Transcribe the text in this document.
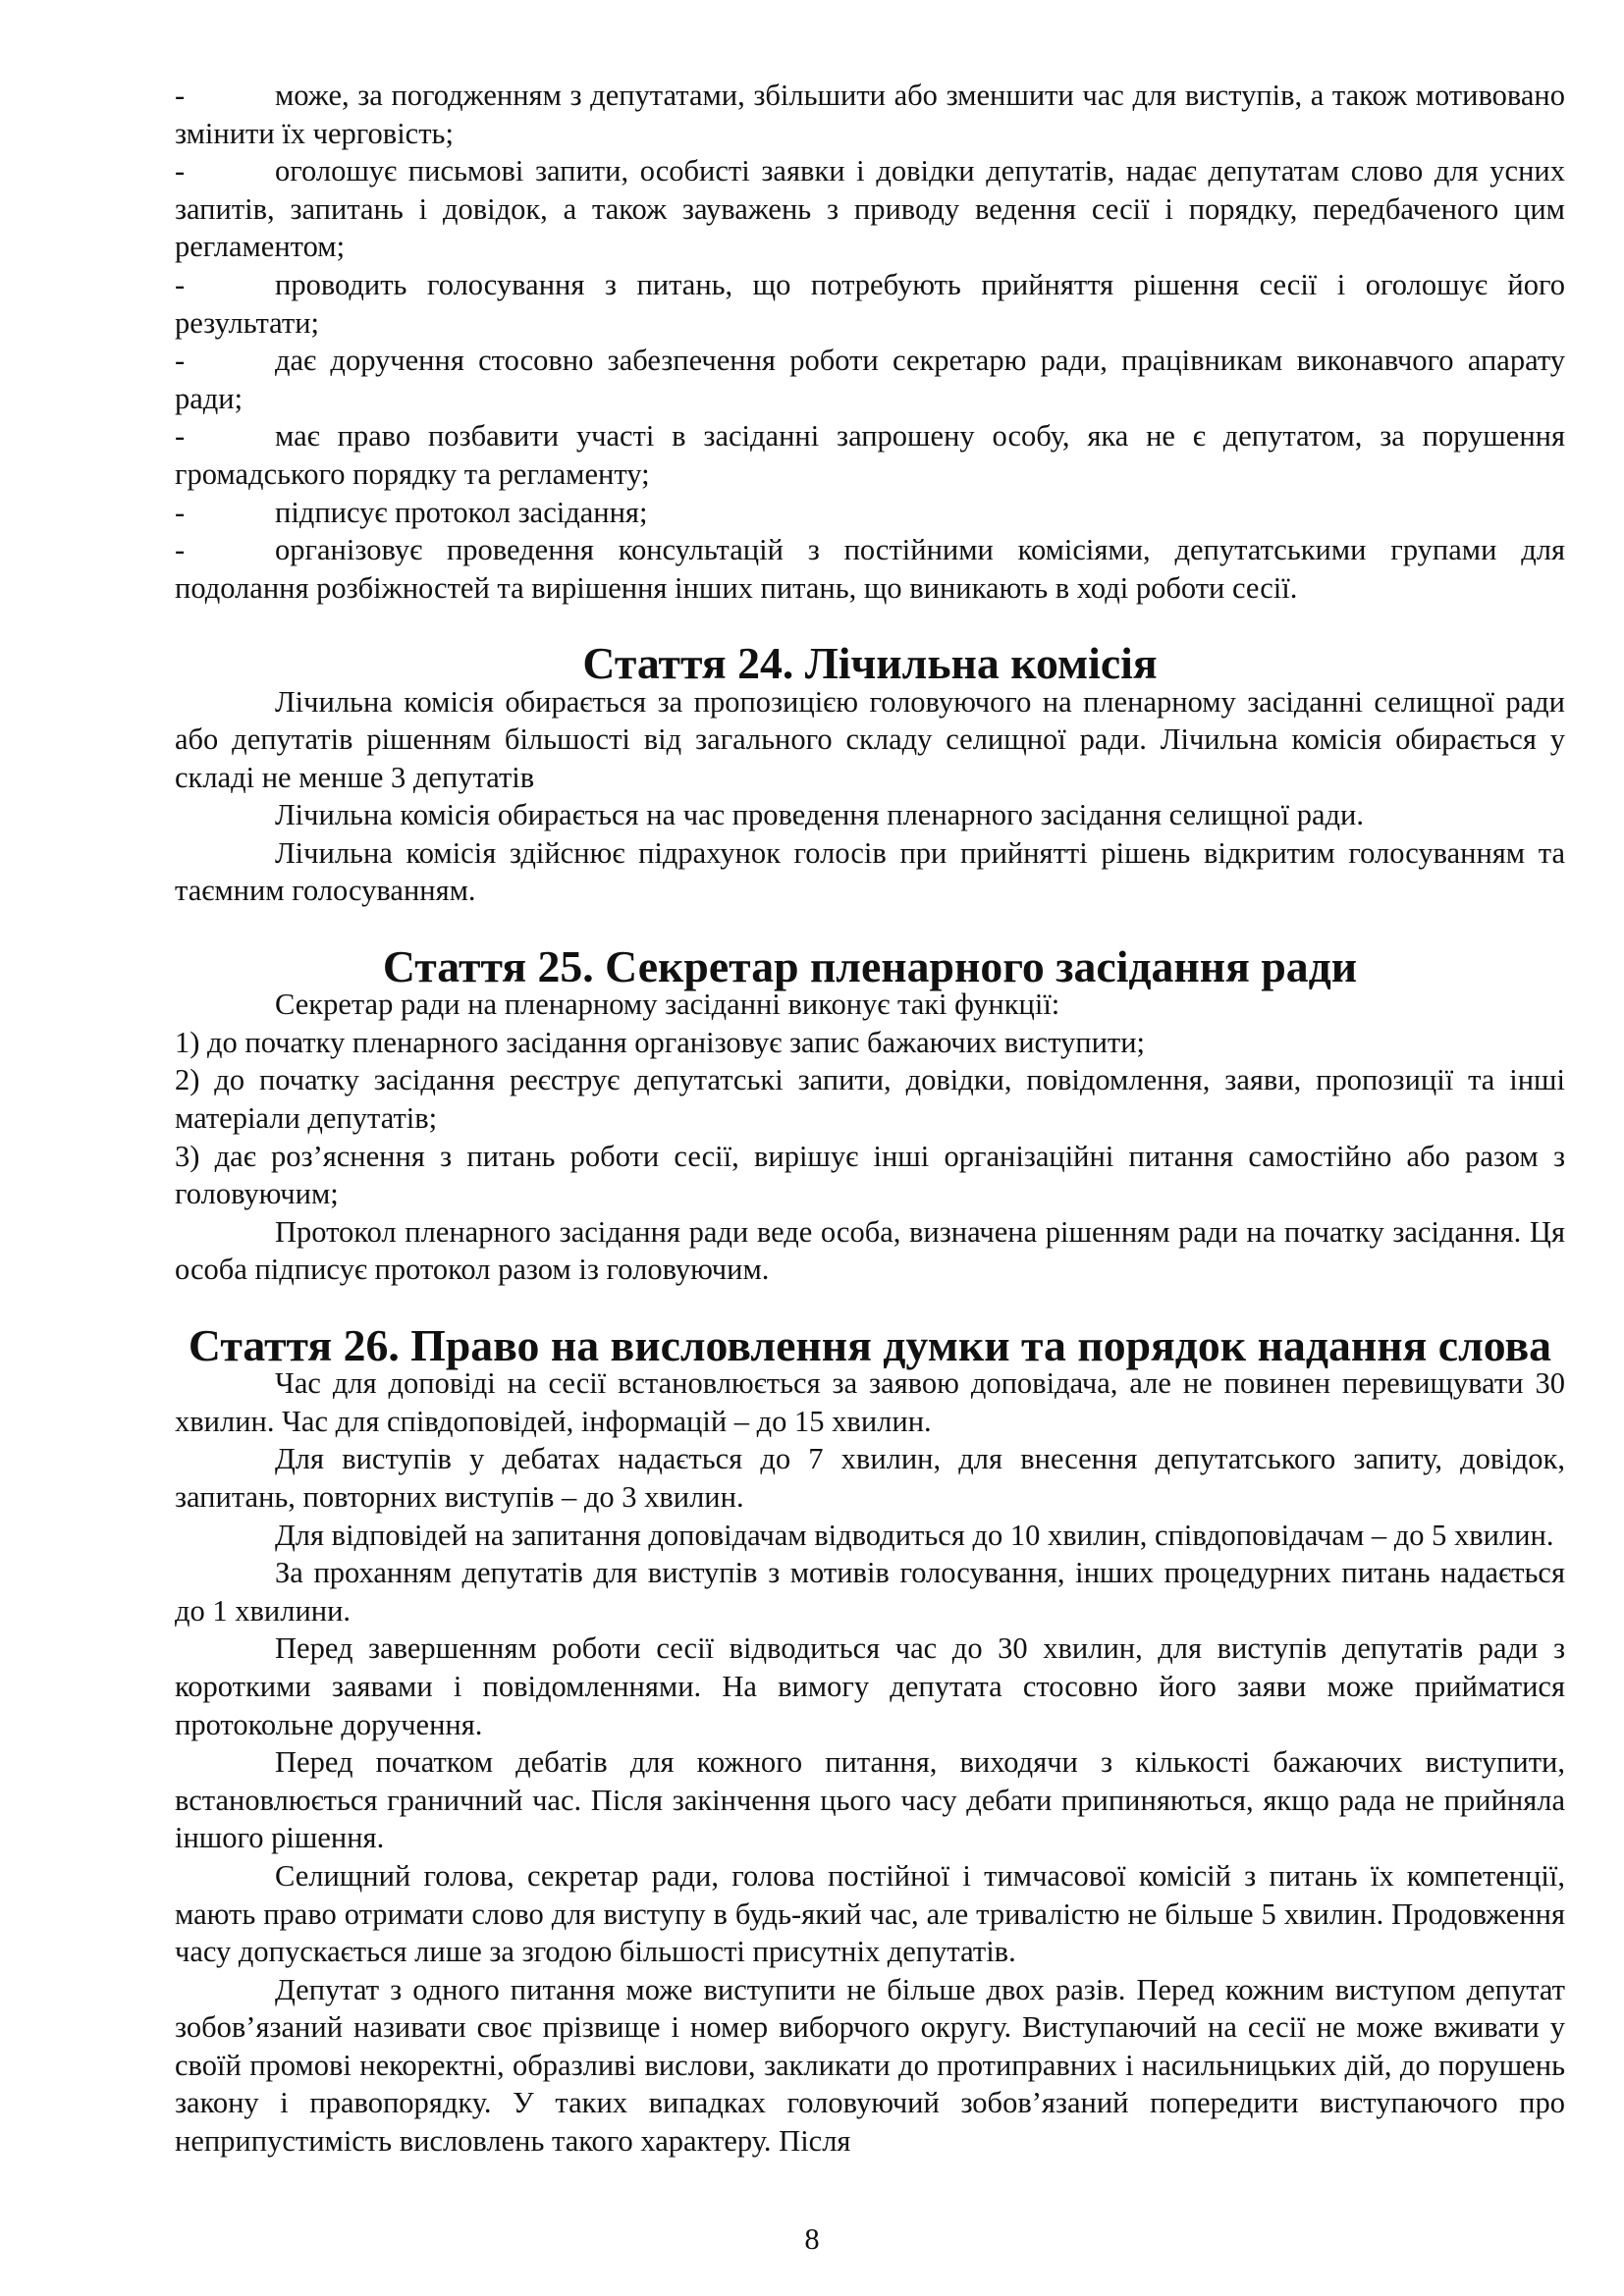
-	може, за погодженням з депутатами, збільшити або зменшити час для виступів, а також мотивовано змінити їх черговість;

-	оголошує письмові запити, особисті заявки і довідки депутатів, надає депутатам слово для усних запитів, запитань і довідок, а також зауважень з приводу ведення сесії і порядку, передбаченого цим регламентом;

-	проводить голосування з питань, що потребують прийняття рішення сесії і оголошує його результати;

-	дає доручення стосовно забезпечення роботи секретарю ради, працівникам виконавчого апарату ради;

-	має право позбавити участі в засіданні запрошену особу, яка не є депутатом, за порушення громадського порядку та регламенту;

-	підписує протокол засідання;

-	організовує проведення консультацій з постійними комісіями, депутатськими групами для подолання розбіжностей та вирішення інших питань, що виникають в ході роботи сесії.

Стаття 24. Лічильна комісія

Лічильна комісія обирається за пропозицією головуючого на пленарному засіданні селищної ради або депутатів рішенням більшості від загального складу селищної ради. Лічильна комісія обирається у складі не менше 3 депутатів

Лічильна комісія обирається на час проведення пленарного засідання селищної ради.

Лічильна комісія здійснює підрахунок голосів при прийнятті рішень відкритим голосуванням та таємним голосуванням.

Стаття 25. Секретар пленарного засідання ради

Секретар ради на пленарному засіданні виконує такі функції:

1) до початку пленарного засідання організовує запис бажаючих виступити;

2) до початку засідання реєструє депутатські запити, довідки, повідомлення, заяви, пропозиції та інші матеріали депутатів;

3) дає роз’яснення з питань роботи сесії, вирішує інші організаційні питання самостійно або разом з головуючим;

Протокол пленарного засідання ради веде особа, визначена рішенням ради на початку засідання. Ця особа підписує протокол разом із головуючим.

Стаття 26. Право на висловлення думки та порядок надання слова

Час для доповіді на сесії встановлюється за заявою доповідача, але не повинен перевищувати 30 хвилин. Час для співдоповідей, інформацій – до 15 хвилин.

Для виступів у дебатах надається до 7 хвилин, для внесення депутатського запиту, довідок, запитань, повторних виступів – до 3 хвилин.

Для відповідей на запитання доповідачам відводиться до 10 хвилин, співдоповідачам – до 5 хвилин.

За проханням депутатів для виступів з мотивів голосування, інших процедурних питань надається до 1 хвилини.

Перед завершенням роботи сесії відводиться час до 30 хвилин, для виступів депутатів ради з короткими заявами і повідомленнями. На вимогу депутата стосовно його заяви може прийматися протокольне доручення.

Перед початком дебатів для кожного питання, виходячи з кількості бажаючих виступити, встановлюється граничний час. Після закінчення цього часу дебати припиняються, якщо рада не прийняла іншого рішення.

Селищний голова, секретар ради, голова постійної і тимчасової комісій з питань їх компетенції, мають право отримати слово для виступу в будь-який час, але тривалістю не більше 5 хвилин. Продовження часу допускається лише за згодою більшості присутніх депутатів.

Депутат з одного питання може виступити не більше двох разів. Перед кожним виступом депутат зобов’язаний називати своє прізвище і номер виборчого округу. Виступаючий на сесії не може вживати у своїй промові некоректні, образливі вислови, закликати до протиправних і насильницьких дій, до порушень закону і правопорядку. У таких випадках головуючий зобов’язаний попередити виступаючого про неприпустимість висловлень такого характеру. Після

8
